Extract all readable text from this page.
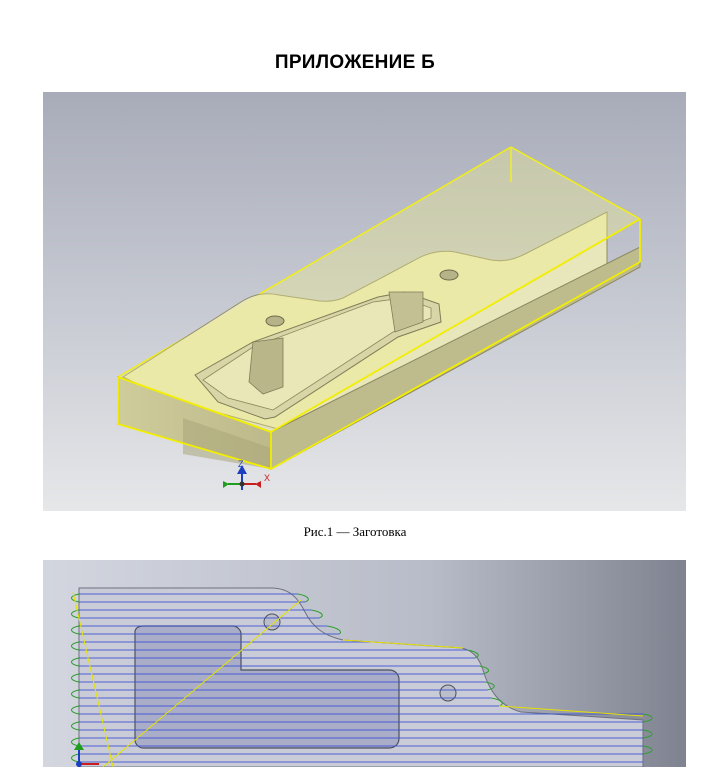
ПРИЛОЖЕНИЕ Б
Z
X
Рис.1 — Заготовка
